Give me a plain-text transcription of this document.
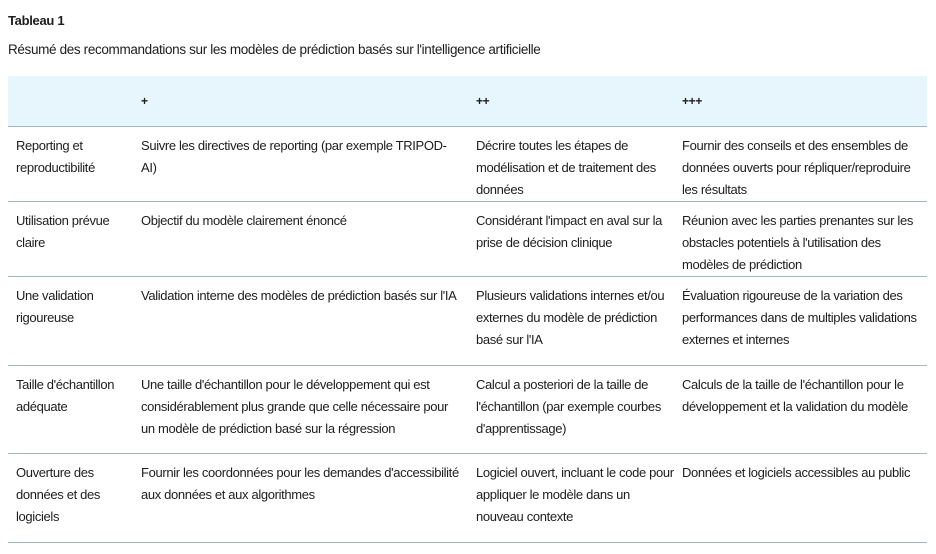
Tableau 1
Résumé des recommandations sur les modèles de prédiction basés sur l'intelligence artificielle
	+	++	+++
Reporting et reproductibilité	Suivre les directives de reporting (par exemple TRIPOD-AI)	Décrire toutes les étapes de modélisation et de traitement des données	Fournir des conseils et des ensembles de données ouverts pour répliquer/reproduire les résultats
Utilisation prévue claire	Objectif du modèle clairement énoncé	Considérant l'impact en aval sur la prise de décision clinique	Réunion avec les parties prenantes sur les obstacles potentiels à l'utilisation des modèles de prédiction
Une validation rigoureuse	Validation interne des modèles de prédiction basés sur l'IA	Plusieurs validations internes et/ou externes du modèle de prédiction basé sur l'IA	Évaluation rigoureuse de la variation des performances dans de multiples validations externes et internes
Taille d'échantillon adéquate	Une taille d'échantillon pour le développement qui est considérablement plus grande que celle nécessaire pour un modèle de prédiction basé sur la régression	Calcul a posteriori de la taille de l'échantillon (par exemple courbes d'apprentissage)	Calculs de la taille de l'échantillon pour le développement et la validation du modèle
Ouverture des données et des logiciels	Fournir les coordonnées pour les demandes d'accessibilité aux données et aux algorithmes	Logiciel ouvert, incluant le code pour appliquer le modèle dans un nouveau contexte	Données et logiciels accessibles au public
